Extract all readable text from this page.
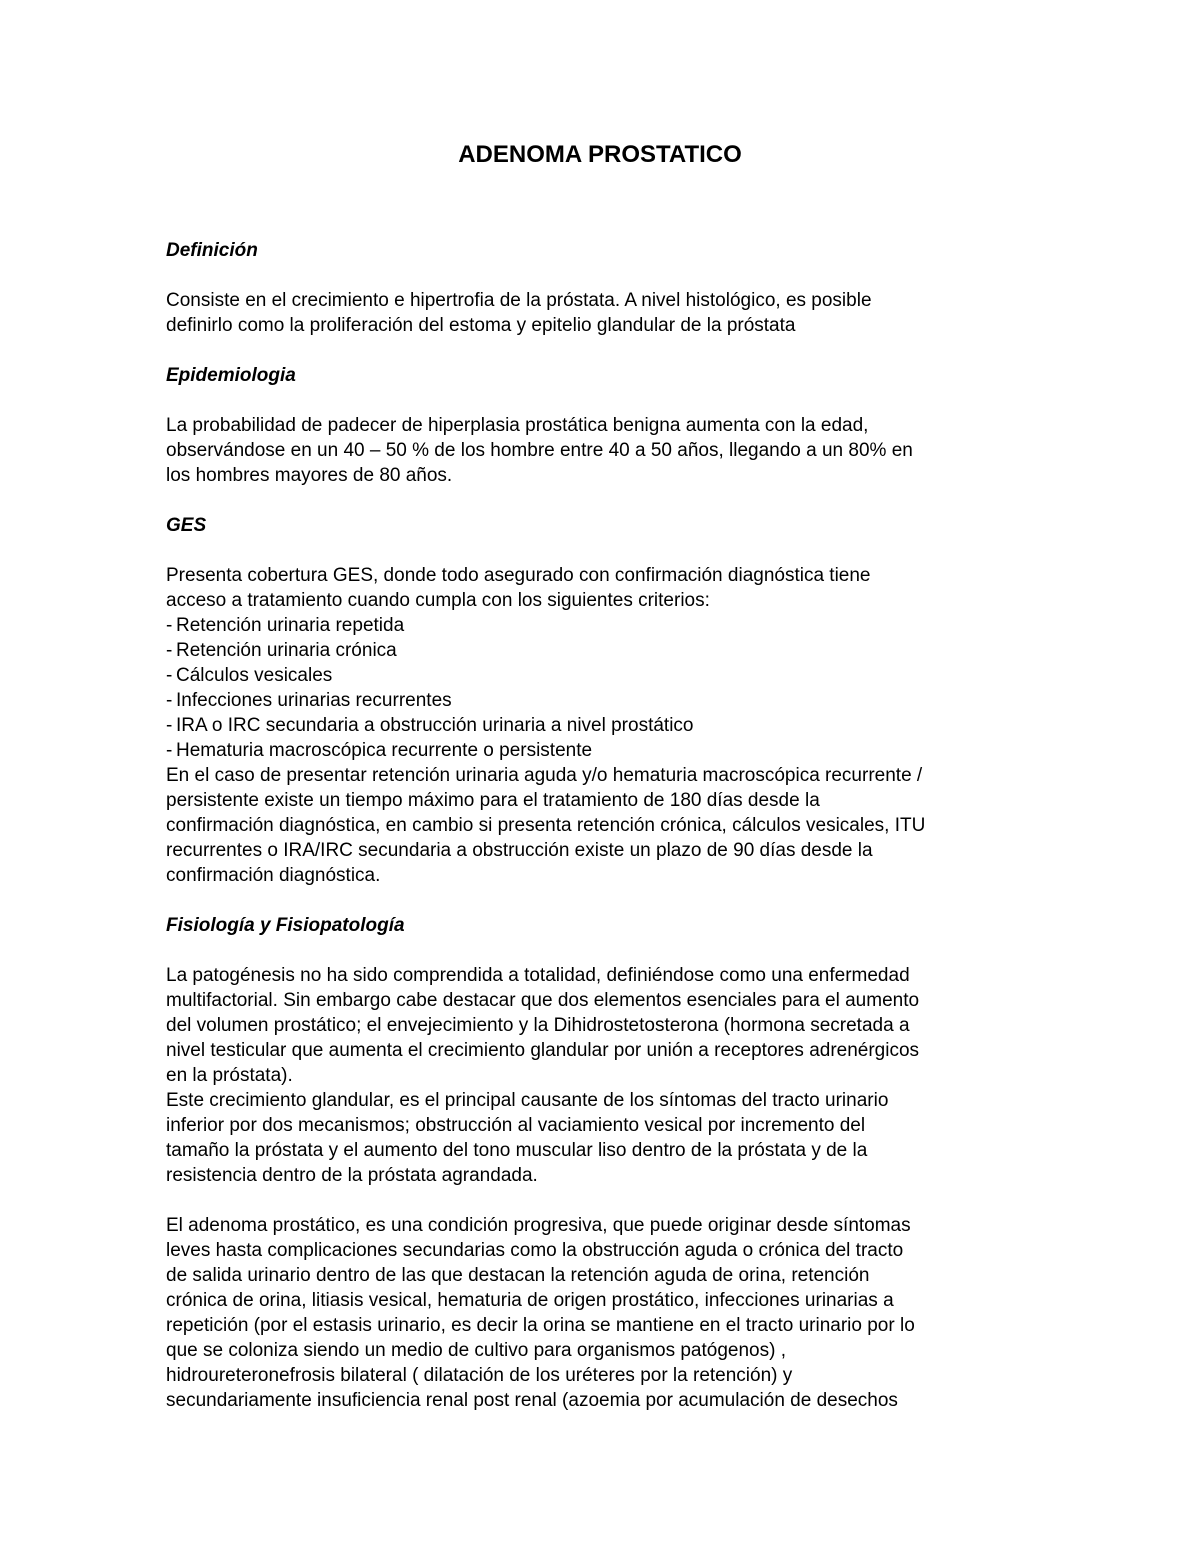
ADENOMA PROSTATICO
Definición
Consiste en el crecimiento e hipertrofia de la próstata. A nivel histológico, es posible
definirlo como la proliferación del estoma y epitelio glandular de la próstata
Epidemiologia
La probabilidad de padecer de hiperplasia prostática benigna aumenta con la edad,
observándose en un 40 – 50 % de los hombre entre 40 a 50 años, llegando a un 80% en
los hombres mayores de 80 años.
GES
Presenta cobertura GES, donde todo asegurado con confirmación diagnóstica tiene
acceso a tratamiento cuando cumpla con los siguientes criterios:
- Retención urinaria repetida
- Retención urinaria crónica
- Cálculos vesicales
- Infecciones urinarias recurrentes
- IRA o IRC secundaria a obstrucción urinaria a nivel prostático
- Hematuria macroscópica recurrente o persistente
En el caso de presentar retención urinaria aguda y/o hematuria macroscópica recurrente /
persistente existe un tiempo máximo para el tratamiento de 180 días desde la
confirmación diagnóstica, en cambio si presenta retención crónica, cálculos vesicales, ITU
recurrentes o IRA/IRC secundaria a obstrucción existe un plazo de 90 días desde la
confirmación diagnóstica.
Fisiología y Fisiopatología
La patogénesis no ha sido comprendida a totalidad, definiéndose como una enfermedad
multifactorial. Sin embargo cabe destacar que dos elementos esenciales para el aumento
del volumen prostático; el envejecimiento y la Dihidrostetosterona (hormona secretada a
nivel testicular que aumenta el crecimiento glandular por unión a receptores adrenérgicos
en la próstata).
Este crecimiento glandular, es el principal causante de los síntomas del tracto urinario
inferior por dos mecanismos; obstrucción al vaciamiento vesical por incremento del
tamaño la próstata y el aumento del tono muscular liso dentro de la próstata y de la
resistencia dentro de la próstata agrandada.
El adenoma prostático, es una condición progresiva, que puede originar desde síntomas
leves hasta complicaciones secundarias como la obstrucción aguda o crónica del tracto
de salida urinario dentro de las que destacan la retención aguda de orina, retención
crónica de orina, litiasis vesical, hematuria de origen prostático, infecciones urinarias a
repetición (por el estasis urinario, es decir la orina se mantiene en el tracto urinario por lo
que se coloniza siendo un medio de cultivo para organismos patógenos) ,
hidroureteronefrosis bilateral ( dilatación de los uréteres por la retención) y
secundariamente insuficiencia renal post renal (azoemia por acumulación de desechos
